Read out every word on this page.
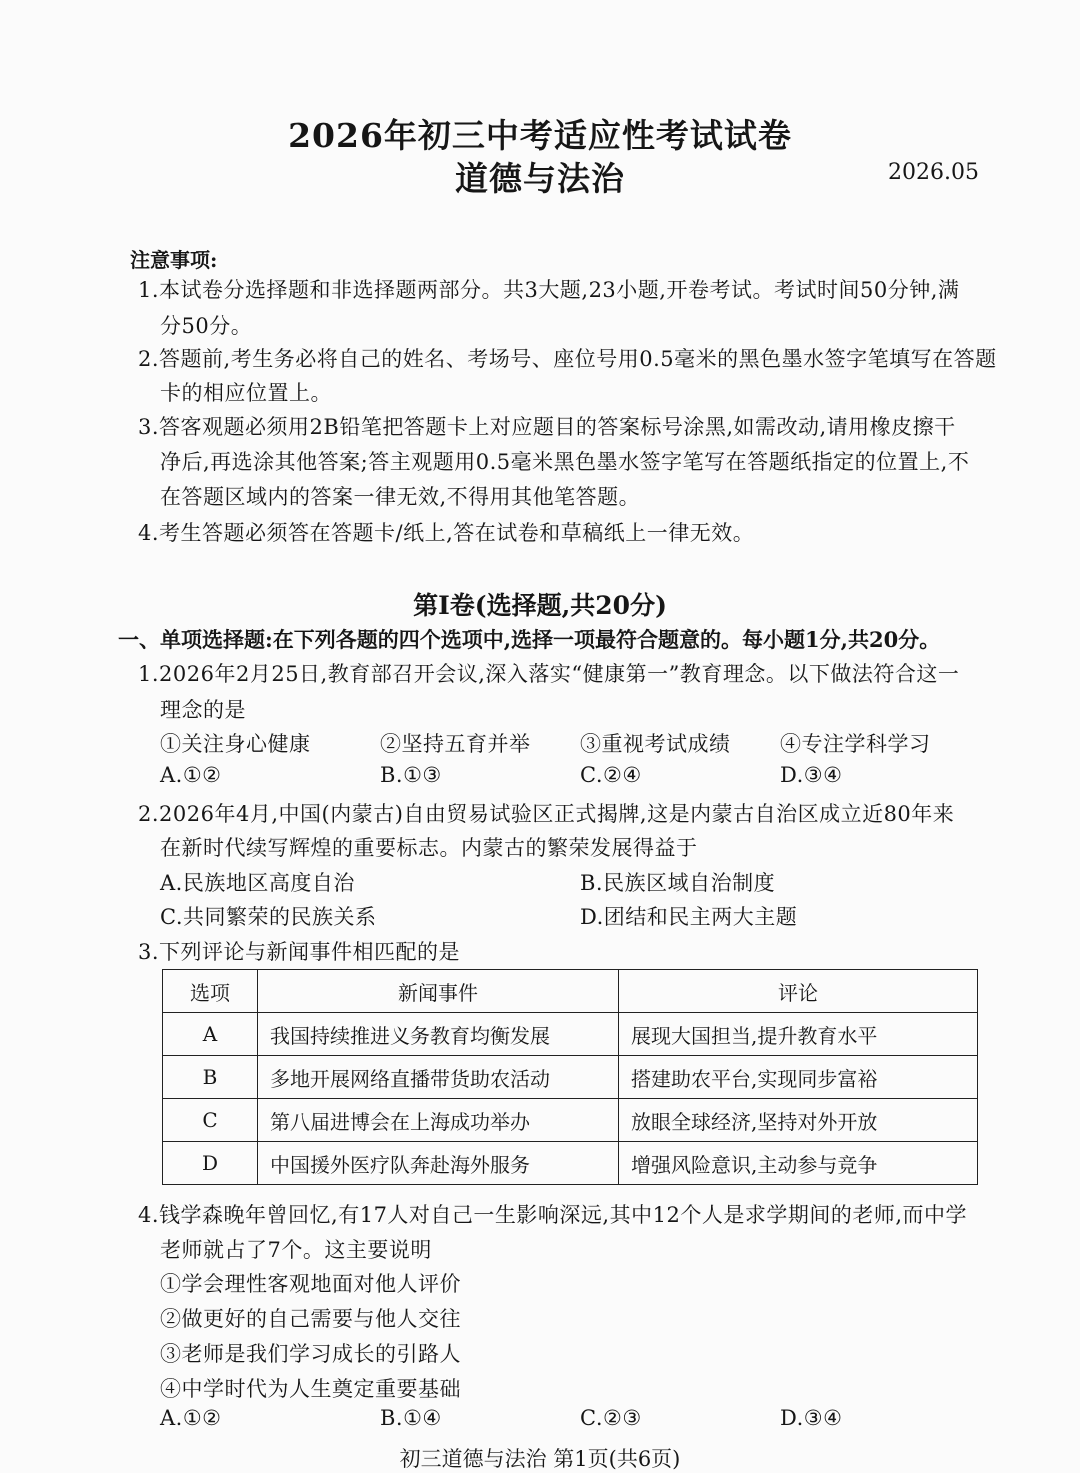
2026年初三中考适应性考试试卷
道德与法治	2026.05
注意事项:
1.本试卷分选择题和非选择题两部分。共3大题,23小题,开卷考试。考试时间50分钟,满
分50分。
2.答题前,考生务必将自己的姓名、考场号、座位号用0.5毫米的黑色墨水签字笔填写在答题
卡的相应位置上。
3.答客观题必须用2B铅笔把答题卡上对应题目的答案标号涂黑,如需改动,请用橡皮擦干
净后,再选涂其他答案;答主观题用0.5毫米黑色墨水签字笔写在答题纸指定的位置上,不
在答题区域内的答案一律无效,不得用其他笔答题。
4.考生答题必须答在答题卡/纸上,答在试卷和草稿纸上一律无效。
第Ⅰ卷(选择题,共20分)
一、单项选择题:在下列各题的四个选项中,选择一项最符合题意的。每小题1分,共20分。
1.2026年2月25日,教育部召开会议,深入落实“健康第一”教育理念。以下做法符合这一
理念的是
①关注身心健康	②坚持五育并举 ③重视考试成绩 ④专注学科学习
A.①②	B.①③	C.②④	D.③④
2.2026年4月,中国(内蒙古)自由贸易试验区正式揭牌,这是内蒙古自治区成立近80年来
在新时代续写辉煌的重要标志。内蒙古的繁荣发展得益于
A.民族地区高度自治	B.民族区域自治制度
C.共同繁荣的民族关系	D.团结和民主两大主题
3.下列评论与新闻事件相匹配的是
选项	新闻事件	评论
A	我国持续推进义务教育均衡发展	展现大国担当,提升教育水平
B	多地开展网络直播带货助农活动	搭建助农平台,实现同步富裕
C	第八届进博会在上海成功举办	放眼全球经济,坚持对外开放
D	中国援外医疗队奔赴海外服务	增强风险意识,主动参与竞争
4.钱学森晚年曾回忆,有17人对自己一生影响深远,其中12个人是求学期间的老师,而中学
老师就占了7个。这主要说明
①学会理性客观地面对他人评价
②做更好的自己需要与他人交往
③老师是我们学习成长的引路人
④中学时代为人生奠定重要基础
A.①②	B.①④	C.②③	D.③④
初三道德与法治 第1页(共6页)
